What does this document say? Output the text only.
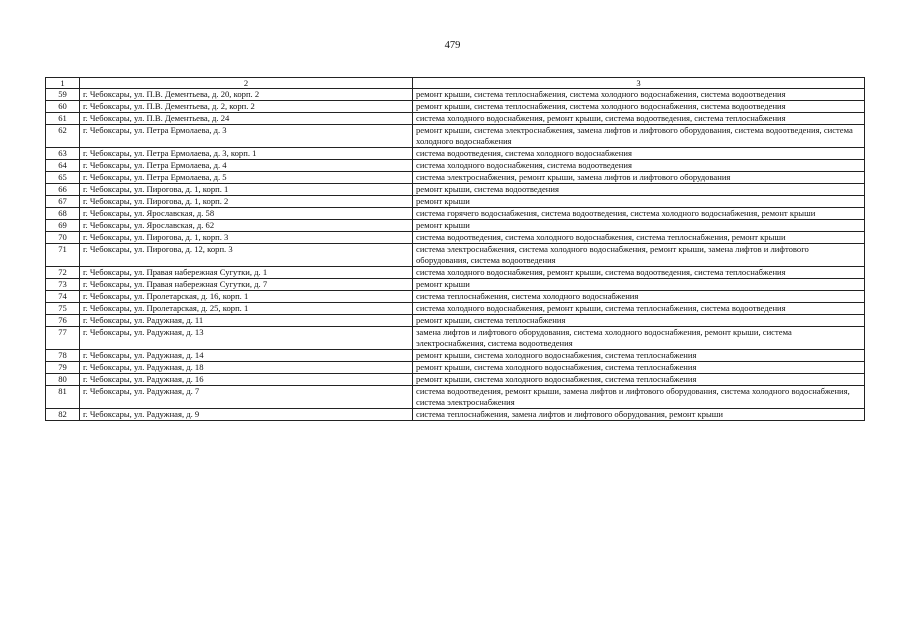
479
1	2	3
59	г. Чебоксары, ул. П.В. Дементьева, д. 20, корп. 2	ремонт крыши, система теплоснабжения, система холодного водоснабжения, система водоотведения
60	г. Чебоксары, ул. П.В. Дементьева, д. 2, корп. 2	ремонт крыши, система теплоснабжения, система холодного водоснабжения, система водоотведения
61	г. Чебоксары, ул. П.В. Дементьева, д. 24	система холодного водоснабжения, ремонт крыши, система водоотведения, система теплоснабжения
62	г. Чебоксары, ул. Петра Ермолаева, д. 3	ремонт крыши, система электроснабжения, замена лифтов и лифтового оборудования, система водоотведения, система холодного водоснабжения
63	г. Чебоксары, ул. Петра Ермолаева, д. 3, корп. 1	система водоотведения, система холодного водоснабжения
64	г. Чебоксары, ул. Петра Ермолаева, д. 4	система холодного водоснабжения, система водоотведения
65	г. Чебоксары, ул. Петра Ермолаева, д. 5	система электроснабжения, ремонт крыши, замена лифтов и лифтового оборудования
66	г. Чебоксары, ул. Пирогова, д. 1, корп. 1	ремонт крыши, система водоотведения
67	г. Чебоксары, ул. Пирогова, д. 1, корп. 2	ремонт крыши
68	г. Чебоксары, ул. Ярославская, д. 58	система горячего водоснабжения, система водоотведения, система холодного водоснабжения, ремонт крыши
69	г. Чебоксары, ул. Ярославская, д. 62	ремонт крыши
70	г. Чебоксары, ул. Пирогова, д. 1, корп. 3	система водоотведения, система холодного водоснабжения, система теплоснабжения, ремонт крыши
71	г. Чебоксары, ул. Пирогова, д. 12, корп. 3	система электроснабжения, система холодного водоснабжения, ремонт крыши, замена лифтов и лифтового оборудования, система водоотведения
72	г. Чебоксары, ул. Правая набережная Сугутки, д. 1	система холодного водоснабжения, ремонт крыши, система водоотведения, система теплоснабжения
73	г. Чебоксары, ул. Правая набережная Сугутки, д. 7	ремонт крыши
74	г. Чебоксары, ул. Пролетарская, д. 16, корп. 1	система теплоснабжения, система холодного водоснабжения
75	г. Чебоксары, ул. Пролетарская, д. 25, корп. 1	система холодного водоснабжения, ремонт крыши, система теплоснабжения, система водоотведения
76	г. Чебоксары, ул. Радужная, д. 11	ремонт крыши, система теплоснабжения
77	г. Чебоксары, ул. Радужная, д. 13	замена лифтов и лифтового оборудования, система холодного водоснабжения, ремонт крыши, система электроснабжения, система водоотведения
78	г. Чебоксары, ул. Радужная, д. 14	ремонт крыши, система холодного водоснабжения, система теплоснабжения
79	г. Чебоксары, ул. Радужная, д. 18	ремонт крыши, система холодного водоснабжения, система теплоснабжения
80	г. Чебоксары, ул. Радужная, д. 16	ремонт крыши, система холодного водоснабжения, система теплоснабжения
81	г. Чебоксары, ул. Радужная, д. 7	система водоотведения, ремонт крыши, замена лифтов и лифтового оборудования, система холодного водоснабжения, система электроснабжения
82	г. Чебоксары, ул. Радужная, д. 9	система теплоснабжения, замена лифтов и лифтового оборудования, ремонт крыши
